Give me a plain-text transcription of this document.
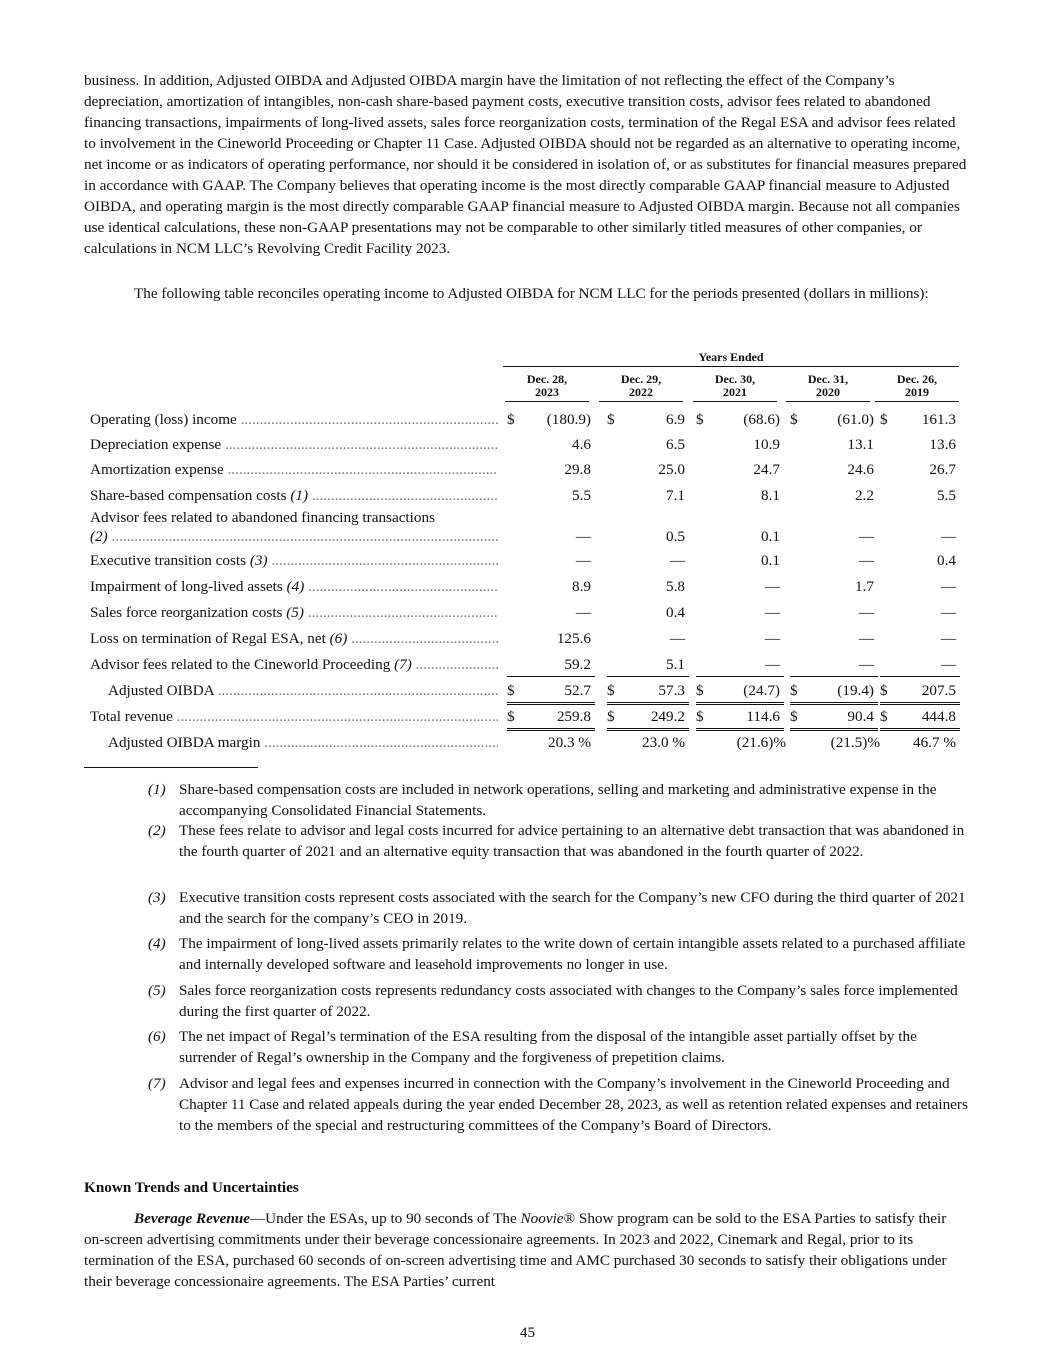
business. In addition, Adjusted OIBDA and Adjusted OIBDA margin have the limitation of not reflecting the effect of the Company’s depreciation, amortization of intangibles, non-cash share-based payment costs, executive transition costs, advisor fees related to abandoned financing transactions, impairments of long-lived assets, sales force reorganization costs, termination of the Regal ESA and advisor fees related to involvement in the Cineworld Proceeding or Chapter 11 Case. Adjusted OIBDA should not be regarded as an alternative to operating income, net income or as indicators of operating performance, nor should it be considered in isolation of, or as substitutes for financial measures prepared in accordance with GAAP. The Company believes that operating income is the most directly comparable GAAP financial measure to Adjusted OIBDA, and operating margin is the most directly comparable GAAP financial measure to Adjusted OIBDA margin. Because not all companies use identical calculations, these non-GAAP presentations may not be comparable to other similarly titled measures of other companies, or calculations in NCM LLC’s Revolving Credit Facility 2023.

The following table reconciles operating income to Adjusted OIBDA for NCM LLC for the periods presented (dollars in millions):

Years Ended
Dec. 28,
2023
Dec. 29,
2022
Dec. 30,
2021
Dec. 31,
2020
Dec. 26,
2019
Operating (loss) income .....	$ (180.9) $	6.9 $	(68.6) $	(61.0) $ 161.3
Depreciation expense .....	4.6	6.5	10.9	13.1	13.6
Amortization expense .....	29.8	25.0	24.7	24.6	26.7
Share-based compensation costs (1) .....	5.5	7.1	8.1	2.2	5.5
Advisor fees related to abandoned financing transactions
(2) .....	—	0.5	0.1	—	—
Executive transition costs (3) .....	—	—	0.1	—	0.4
Impairment of long-lived assets (4) .....	8.9	5.8	—	1.7	—
Sales force reorganization costs (5) .....	—	0.4	—	—	—
Loss on termination of Regal ESA, net (6) .....	125.6	—	—	—	—
Advisor fees related to the Cineworld Proceeding (7) .....	59.2	5.1	—	—	—
Adjusted OIBDA .....	$	52.7 $	57.3 $	(24.7) $	(19.4) $ 207.5
Total revenue .....	$	259.8 $ 249.2 $	114.6 $	90.4 $ 444.8
Adjusted OIBDA margin .....	20.3 %	23.0 %	(21.6)%	(21.5)% 46.7 %
(1) Share-based compensation costs are included in network operations, selling and marketing and administrative expense in the accompanying Consolidated Financial Statements.
(2) These fees relate to advisor and legal costs incurred for advice pertaining to an alternative debt transaction that was abandoned in the fourth quarter of 2021 and an alternative equity transaction that was abandoned in the fourth quarter of 2022.
(3) Executive transition costs represent costs associated with the search for the Company’s new CFO during the third quarter of 2021 and the search for the company’s CEO in 2019.
(4) The impairment of long-lived assets primarily relates to the write down of certain intangible assets related to a purchased affiliate and internally developed software and leasehold improvements no longer in use.
(5) Sales force reorganization costs represents redundancy costs associated with changes to the Company’s sales force implemented during the first quarter of 2022.
(6) The net impact of Regal’s termination of the ESA resulting from the disposal of the intangible asset partially offset by the surrender of Regal’s ownership in the Company and the forgiveness of prepetition claims.
(7) Advisor and legal fees and expenses incurred in connection with the Company’s involvement in the Cineworld Proceeding and Chapter 11 Case and related appeals during the year ended December 28, 2023, as well as retention related expenses and retainers to the members of the special and restructuring committees of the Company’s Board of Directors.
Known Trends and Uncertainties

Beverage Revenue—Under the ESAs, up to 90 seconds of The Noovie® Show program can be sold to the ESA Parties to satisfy their on-screen advertising commitments under their beverage concessionaire agreements. In 2023 and 2022, Cinemark and Regal, prior to its termination of the ESA, purchased 60 seconds of on-screen advertising time and AMC purchased 30 seconds to satisfy their obligations under their beverage concessionaire agreements. The ESA Parties’ current

45
